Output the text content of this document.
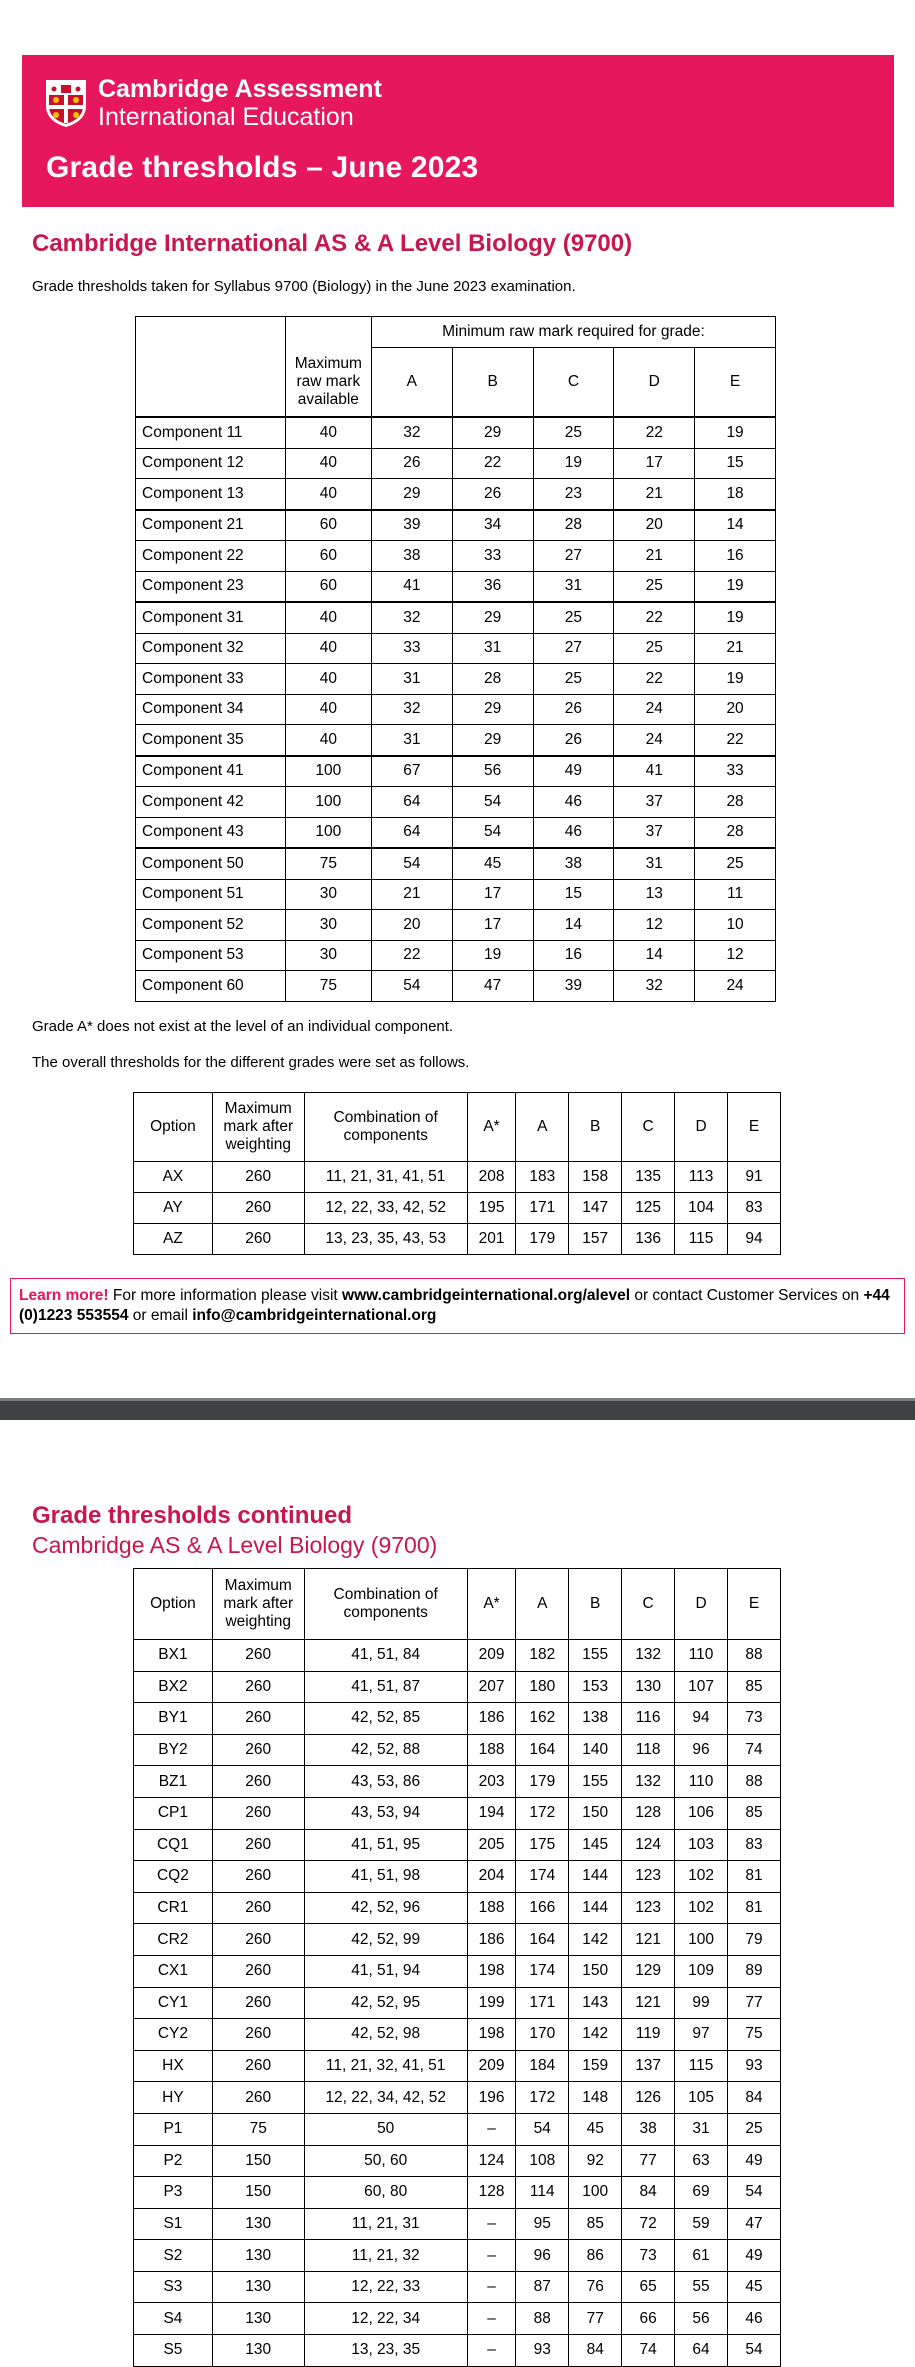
Cambridge Assessment
International Education
Grade thresholds – June 2023
Cambridge International AS & A Level Biology (9700)
Grade thresholds taken for Syllabus 9700 (Biology) in the June 2023 examination.
		Minimum raw mark required for grade:				
	Maximum raw mark available	A	B	C	D	E
Component 11	40	32	29	25	22	19
Component 12	40	26	22	19	17	15
Component 13	40	29	26	23	21	18
Component 21	60	39	34	28	20	14
Component 22	60	38	33	27	21	16
Component 23	60	41	36	31	25	19
Component 31	40	32	29	25	22	19
Component 32	40	33	31	27	25	21
Component 33	40	31	28	25	22	19
Component 34	40	32	29	26	24	20
Component 35	40	31	29	26	24	22
Component 41	100	67	56	49	41	33
Component 42	100	64	54	46	37	28
Component 43	100	64	54	46	37	28
Component 50	75	54	45	38	31	25
Component 51	30	21	17	15	13	11
Component 52	30	20	17	14	12	10
Component 53	30	22	19	16	14	12
Component 60	75	54	47	39	32	24
Grade A* does not exist at the level of an individual component.
The overall thresholds for the different grades were set as follows.
Option	Maximum mark after weighting	Combination of components	A*	A	B	C	D	E
AX	260	11, 21, 31, 41, 51	208	183	158	135	113	91
AY	260	12, 22, 33, 42, 52	195	171	147	125	104	83
AZ	260	13, 23, 35, 43, 53	201	179	157	136	115	94
Learn more! For more information please visit www.cambridgeinternational.org/alevel or contact Customer Services on +44 (0)1223 553554 or email info@cambridgeinternational.org
Grade thresholds continued
Cambridge AS & A Level Biology (9700)
Option	Maximum mark after weighting	Combination of components	A*	A	B	C	D	E
BX1	260	41, 51, 84	209	182	155	132	110	88
BX2	260	41, 51, 87	207	180	153	130	107	85
BY1	260	42, 52, 85	186	162	138	116	94	73
BY2	260	42, 52, 88	188	164	140	118	96	74
BZ1	260	43, 53, 86	203	179	155	132	110	88
CP1	260	43, 53, 94	194	172	150	128	106	85
CQ1	260	41, 51, 95	205	175	145	124	103	83
CQ2	260	41, 51, 98	204	174	144	123	102	81
CR1	260	42, 52, 96	188	166	144	123	102	81
CR2	260	42, 52, 99	186	164	142	121	100	79
CX1	260	41, 51, 94	198	174	150	129	109	89
CY1	260	42, 52, 95	199	171	143	121	99	77
CY2	260	42, 52, 98	198	170	142	119	97	75
HX	260	11, 21, 32, 41, 51	209	184	159	137	115	93
HY	260	12, 22, 34, 42, 52	196	172	148	126	105	84
P1	75	50	–	54	45	38	31	25
P2	150	50, 60	124	108	92	77	63	49
P3	150	60, 80	128	114	100	84	69	54
S1	130	11, 21, 31	–	95	85	72	59	47
S2	130	11, 21, 32	–	96	86	73	61	49
S3	130	12, 22, 33	–	87	76	65	55	45
S4	130	12, 22, 34	–	88	77	66	56	46
S5	130	13, 23, 35	–	93	84	74	64	54
